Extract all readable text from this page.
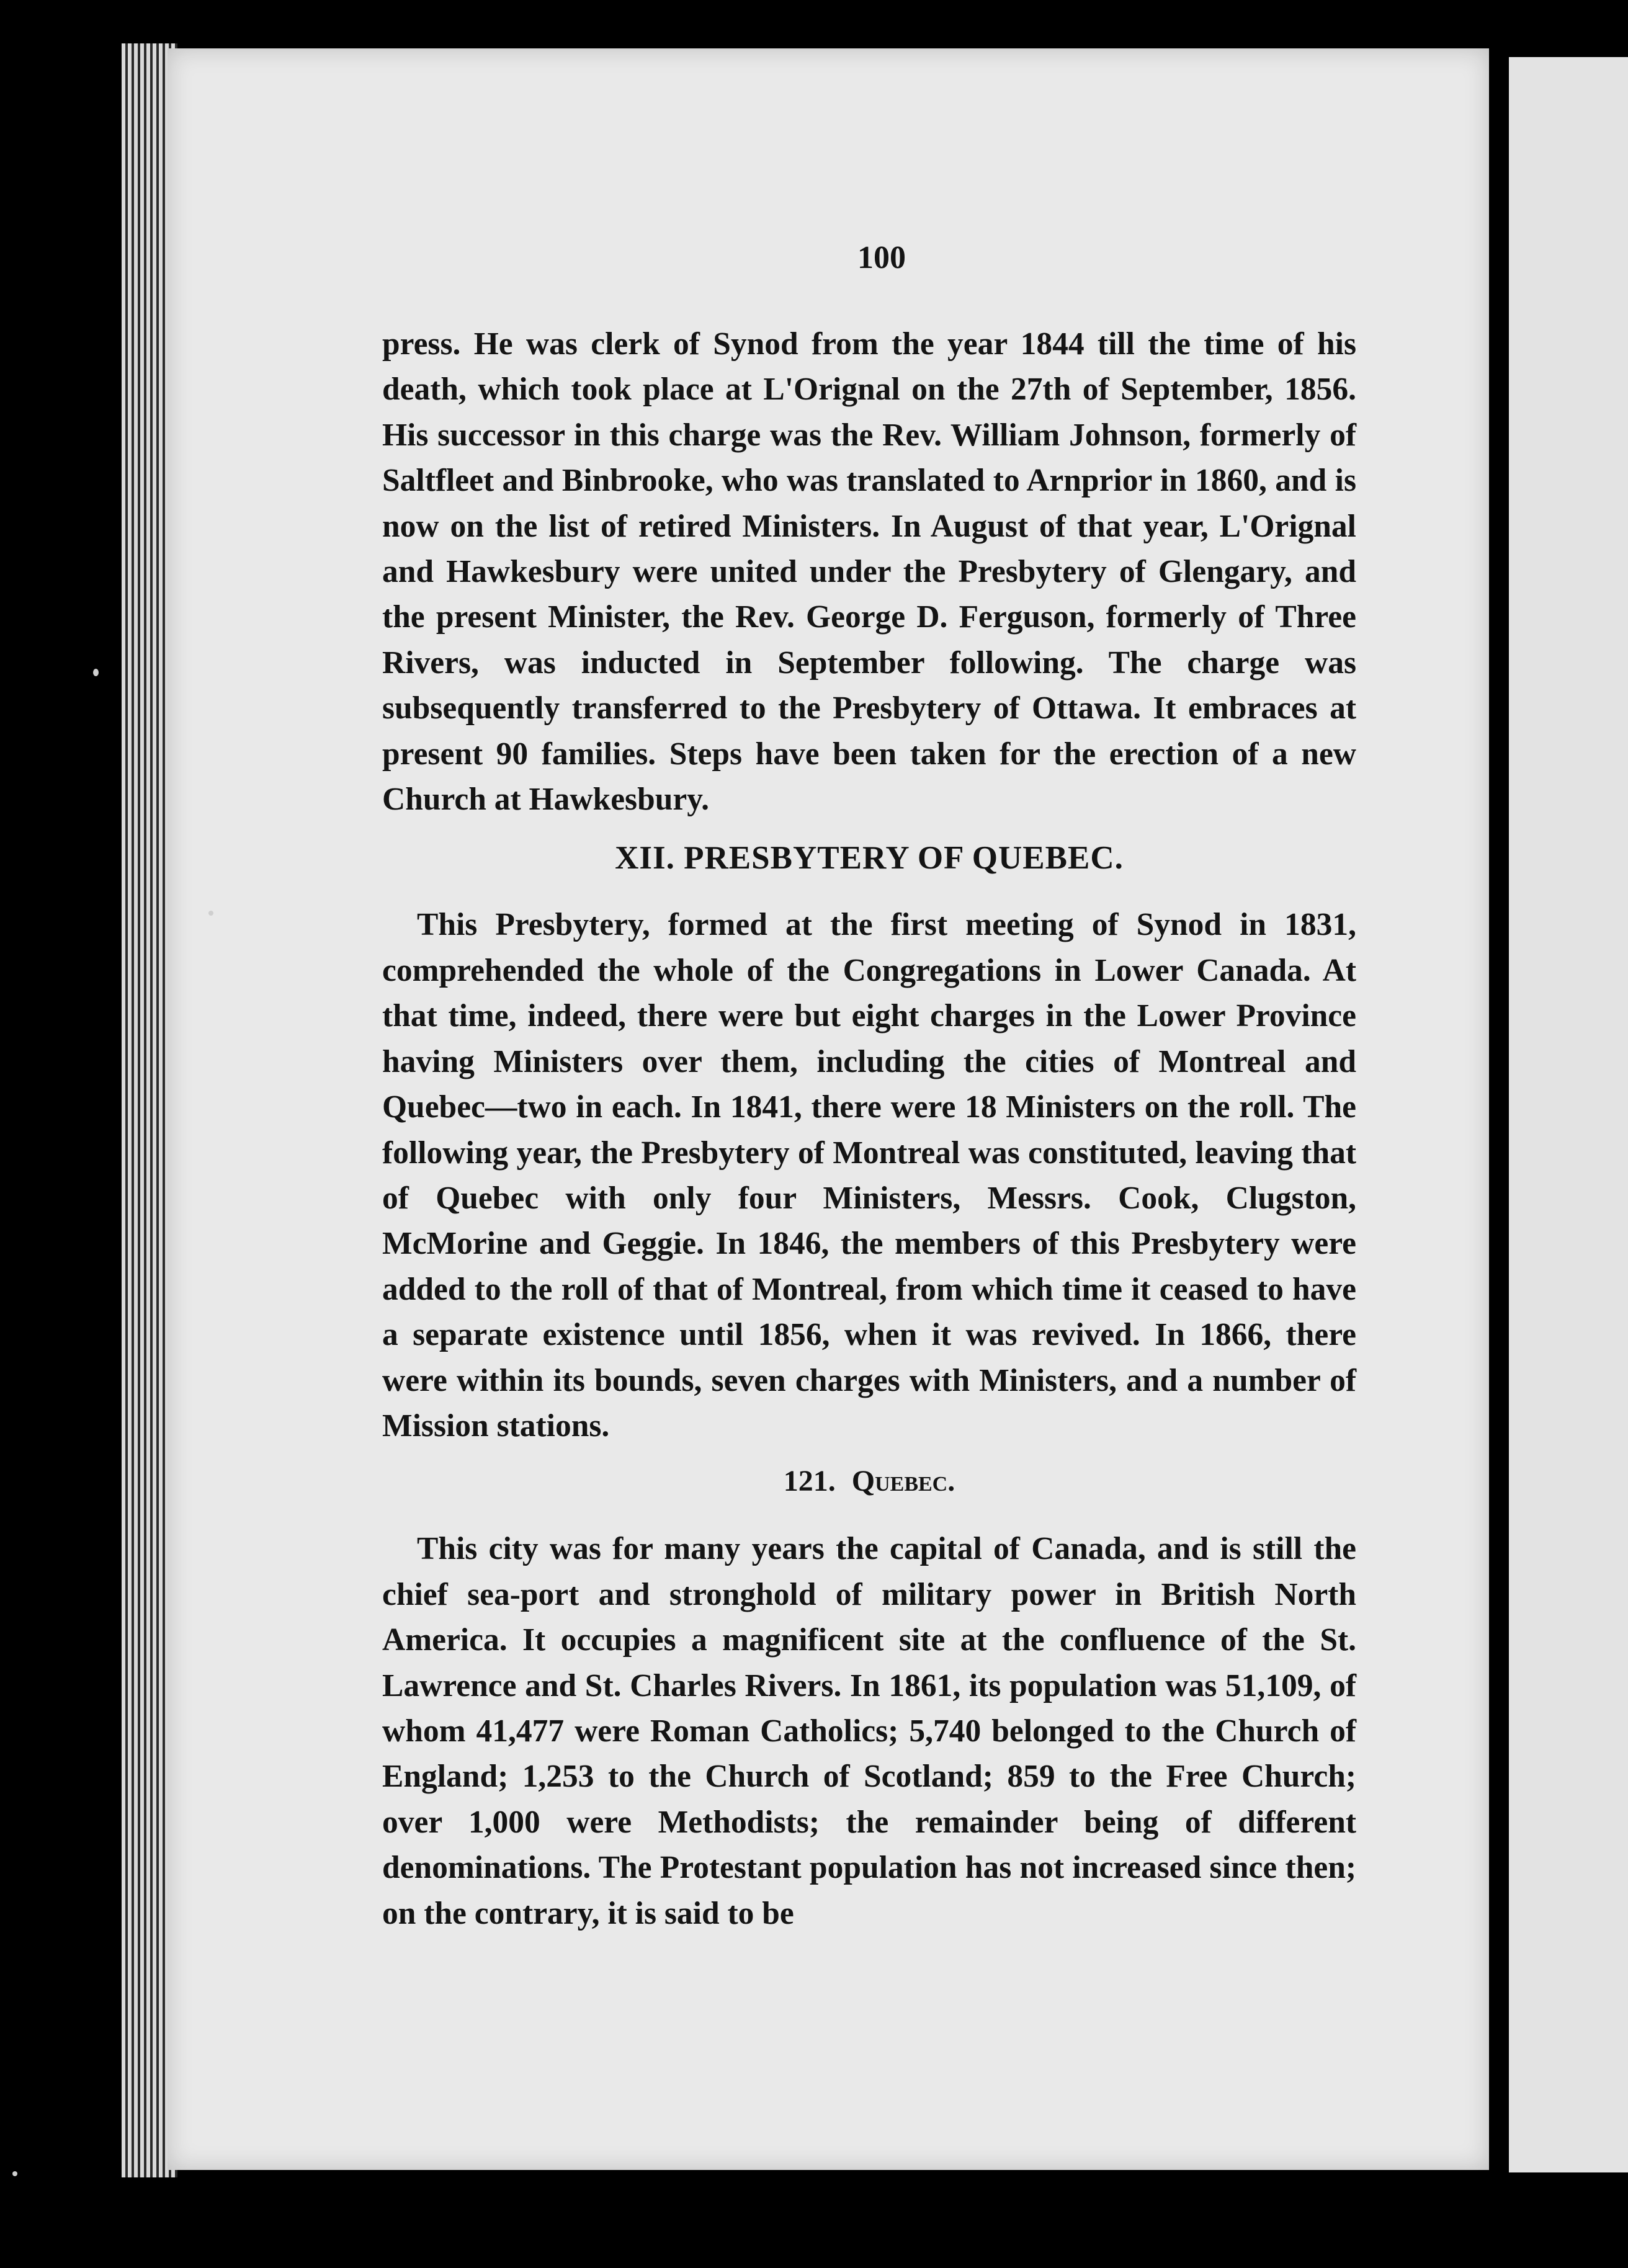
100

press. He was clerk of Synod from the year 1844 till the time of his death, which took place at L'Orignal on the 27th of September, 1856. His successor in this charge was the Rev. William Johnson, formerly of Saltfleet and Binbrooke, who was translated to Arnprior in 1860, and is now on the list of retired Ministers. In August of that year, L'Orignal and Hawkesbury were united under the Presbytery of Glengary, and the present Minister, the Rev. George D. Ferguson, formerly of Three Rivers, was inducted in September following. The charge was subsequently transferred to the Presbytery of Ottawa. It embraces at present 90 families. Steps have been taken for the erection of a new Church at Hawkesbury.

XII. PRESBYTERY OF QUEBEC.

This Presbytery, formed at the first meeting of Synod in 1831, comprehended the whole of the Congregations in Lower Canada. At that time, indeed, there were but eight charges in the Lower Province having Ministers over them, including the cities of Montreal and Quebec—two in each. In 1841, there were 18 Ministers on the roll. The following year, the Presbytery of Montreal was constituted, leaving that of Quebec with only four Ministers, Messrs. Cook, Clugston, McMorine and Geggie. In 1846, the members of this Presbytery were added to the roll of that of Montreal, from which time it ceased to have a separate existence until 1856, when it was revived. In 1866, there were within its bounds, seven charges with Ministers, and a number of Mission stations.

121. Quebec.

This city was for many years the capital of Canada, and is still the chief sea-port and stronghold of military power in British North America. It occupies a magnificent site at the confluence of the St. Lawrence and St. Charles Rivers. In 1861, its population was 51,109, of whom 41,477 were Roman Catholics; 5,740 belonged to the Church of England; 1,253 to the Church of Scotland; 859 to the Free Church; over 1,000 were Methodists; the remainder being of different denominations. The Protestant population has not increased since then; on the contrary, it is said to be
